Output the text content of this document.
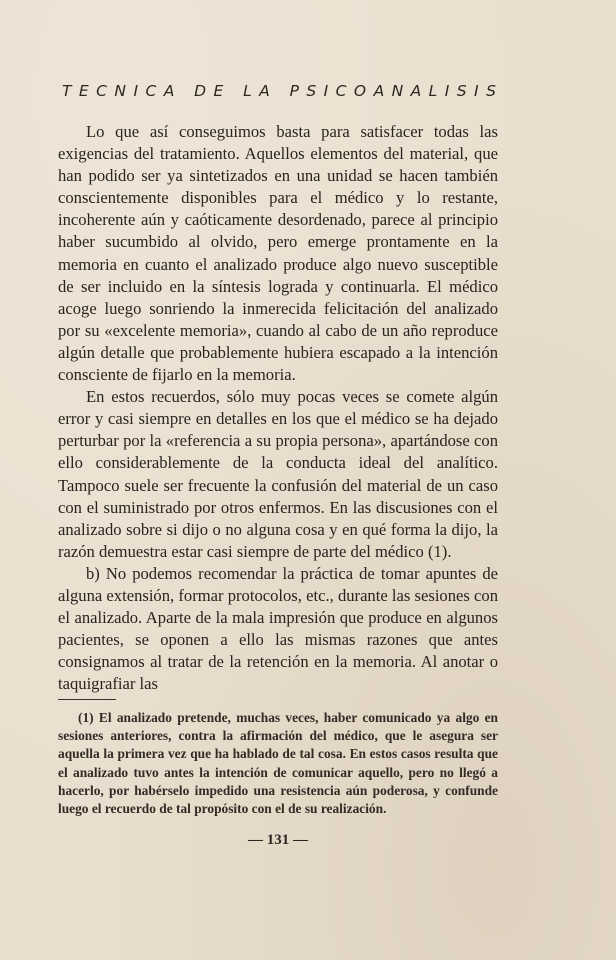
TECNICA DE LA PSICOANALISIS

Lo que así conseguimos basta para satisfacer todas las exigencias del tratamiento. Aquellos elementos del material, que han podido ser ya sintetizados en una unidad se hacen también conscientemente disponibles para el médico y lo restante, incoherente aún y caóticamente desordenado, parece al principio haber sucumbido al olvido, pero emerge prontamente en la memoria en cuanto el analizado produce algo nuevo susceptible de ser incluido en la síntesis lograda y continuarla. El médico acoge luego sonriendo la inmerecida felicitación del analizado por su «excelente memoria», cuando al cabo de un año reproduce algún detalle que probablemente hubiera escapado a la intención consciente de fijarlo en la memoria.

En estos recuerdos, sólo muy pocas veces se comete algún error y casi siempre en detalles en los que el médico se ha dejado perturbar por la «referencia a su propia persona», apartándose con ello considerablemente de la conducta ideal del analítico. Tampoco suele ser frecuente la confusión del material de un caso con el suministrado por otros enfermos. En las discusiones con el analizado sobre si dijo o no alguna cosa y en qué forma la dijo, la razón demuestra estar casi siempre de parte del médico (1).

b) No podemos recomendar la práctica de tomar apuntes de alguna extensión, formar protocolos, etc., durante las sesiones con el analizado. Aparte de la mala impresión que produce en algunos pacientes, se oponen a ello las mismas razones que antes consignamos al tratar de la retención en la memoria. Al anotar o taquigrafiar las

(1) El analizado pretende, muchas veces, haber comunicado ya algo en sesiones anteriores, contra la afirmación del médico, que le asegura ser aquella la primera vez que ha hablado de tal cosa. En estos casos resulta que el analizado tuvo antes la intención de comunicar aquello, pero no llegó a hacerlo, por habérselo impedido una resistencia aún poderosa, y confunde luego el recuerdo de tal propósito con el de su realización.

— 131 —
